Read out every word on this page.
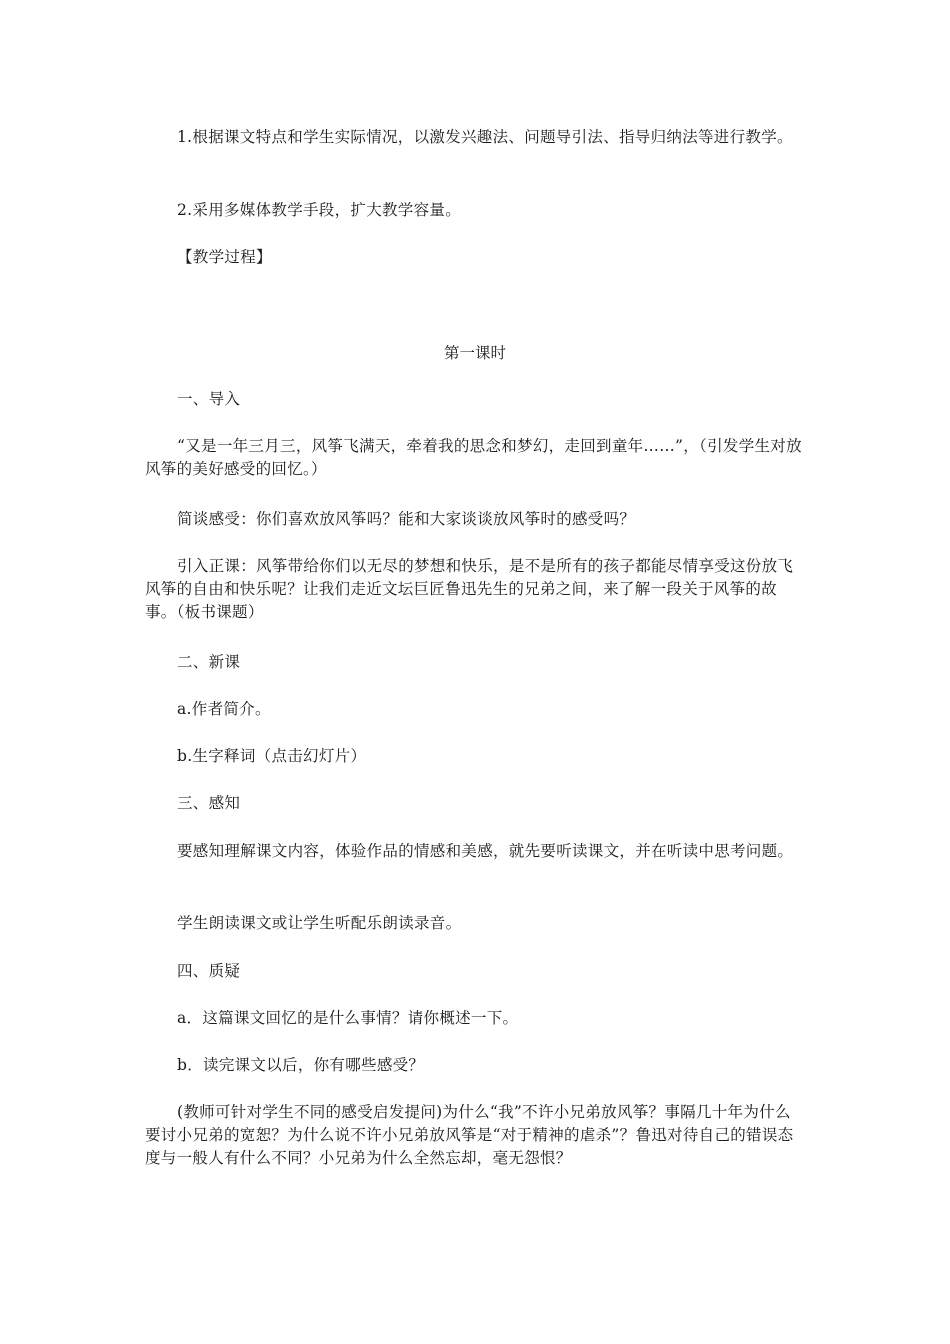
1.根据课文特点和学生实际情况，以激发兴趣法、问题导引法、指导归纳法等进行教学。
2.采用多媒体教学手段，扩大教学容量。
【教学过程】
第一课时
一、导入
“又是一年三月三，风筝飞满天，牵着我的思念和梦幻，走回到童年……”，（引发学生对放风筝的美好感受的回忆。）
简谈感受：你们喜欢放风筝吗？能和大家谈谈放风筝时的感受吗？
引入正课：风筝带给你们以无尽的梦想和快乐，是不是所有的孩子都能尽情享受这份放飞风筝的自由和快乐呢？让我们走近文坛巨匠鲁迅先生的兄弟之间，来了解一段关于风筝的故事。（板书课题）
二、新课
a.作者简介。
b.生字释词（点击幻灯片）
三、感知
要感知理解课文内容，体验作品的情感和美感，就先要听读课文，并在听读中思考问题。
学生朗读课文或让学生听配乐朗读录音。
四、质疑
a．这篇课文回忆的是什么事情？请你概述一下。
b．读完课文以后，你有哪些感受？
(教师可针对学生不同的感受启发提问)为什么“我”不许小兄弟放风筝？事隔几十年为什么要讨小兄弟的宽恕？为什么说不许小兄弟放风筝是“对于精神的虐杀”？鲁迅对待自己的错误态度与一般人有什么不同？小兄弟为什么全然忘却，毫无怨恨？
